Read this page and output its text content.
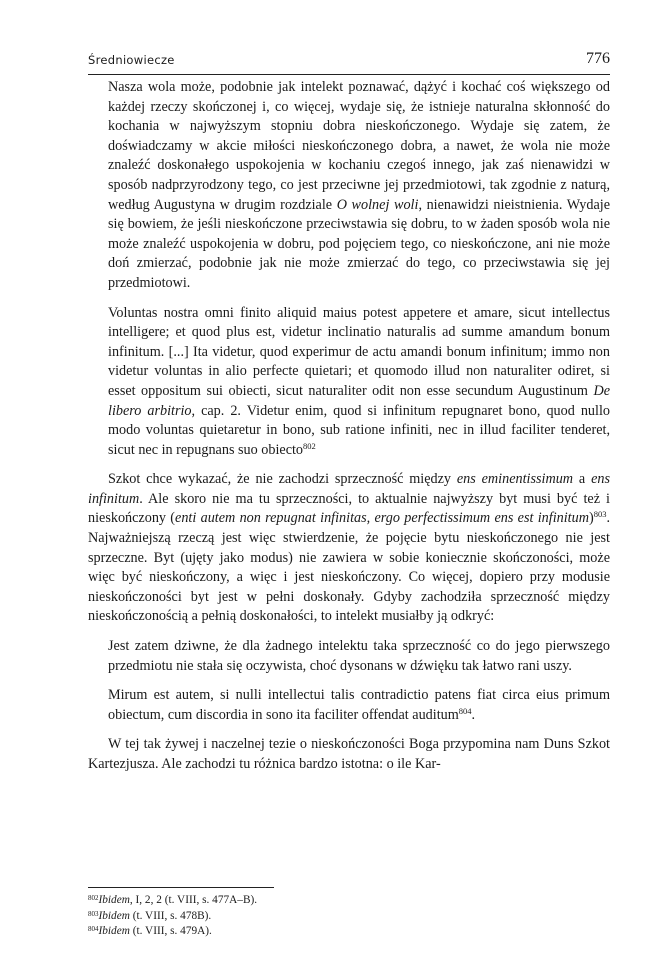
Średniowiecze	776

Nasza wola może, podobnie jak intelekt poznawać, dążyć i kochać coś większego od każdej rzeczy skończonej i, co więcej, wydaje się, że istnieje naturalna skłonność do kochania w najwyższym stopniu dobra nieskończonego. Wydaje się zatem, że doświadczamy w akcie miłości nieskończonego dobra, a nawet, że wola nie może znaleźć doskonałego uspokojenia w kochaniu czegoś innego, jak zaś nienawidzi w sposób nadprzyrodzony tego, co jest przeciwne jej przedmiotowi, tak zgodnie z naturą, według Augustyna w drugim rozdziale O wolnej woli, nienawidzi nieistnienia. Wydaje się bowiem, że jeśli nieskończone przeciwstawia się dobru, to w żaden sposób wola nie może znaleźć uspokojenia w dobru, pod pojęciem tego, co nieskończone, ani nie może doń zmierzać, podobnie jak nie może zmierzać do tego, co przeciwstawia się jej przedmiotowi.

Voluntas nostra omni finito aliquid maius potest appetere et amare, sicut intellectus intelligere; et quod plus est, videtur inclinatio naturalis ad summe amandum bonum infinitum. [...] Ita videtur, quod experimur de actu amandi bonum infinitum; immo non videtur voluntas in alio perfecte quietari; et quomodo illud non naturaliter odiret, si esset oppositum sui obiecti, sicut naturaliter odit non esse secundum Augustinum De libero arbitrio, cap. 2. Videtur enim, quod si infinitum repugnaret bono, quod nullo modo voluntas quietaretur in bono, sub ratione infiniti, nec in illud faciliter tenderet, sicut nec in repugnans suo obiecto$^{802}$

Szkot chce wykazać, że nie zachodzi sprzeczność między ens eminentissimum a ens infinitum. Ale skoro nie ma tu sprzeczności, to aktualnie najwyższy byt musi być też i nieskończony (enti autem non repugnat infinitas, ergo perfectissimum ens est infinitum)$^{803}$. Najważniejszą rzeczą jest więc stwierdzenie, że pojęcie bytu nieskończonego nie jest sprzeczne. Byt (ujęty jako modus) nie zawiera w sobie koniecznie skończoności, może więc być nieskończony, a więc i jest nieskończony. Co więcej, dopiero przy modusie nieskończoności byt jest w pełni doskonały. Gdyby zachodziła sprzeczność między nieskończonością a pełnią doskonałości, to intelekt musiałby ją odkryć:

Jest zatem dziwne, że dla żadnego intelektu taka sprzeczność co do jego pierwszego przedmiotu nie stała się oczywista, choć dysonans w dźwięku tak łatwo rani uszy.

Mirum est autem, si nulli intellectui talis contradictio patens fiat circa eius primum obiectum, cum discordia in sono ita faciliter offendat auditum$^{804}$.

W tej tak żywej i naczelnej tezie o nieskończoności Boga przypomina nam Duns Szkot Kartezjusza. Ale zachodzi tu różnica bardzo istotna: o ile Kar-

$^{802}$Ibidem, I, 2, 2 (t. VIII, s. 477A–B).
$^{803}$Ibidem (t. VIII, s. 478B).
$^{804}$Ibidem (t. VIII, s. 479A).
